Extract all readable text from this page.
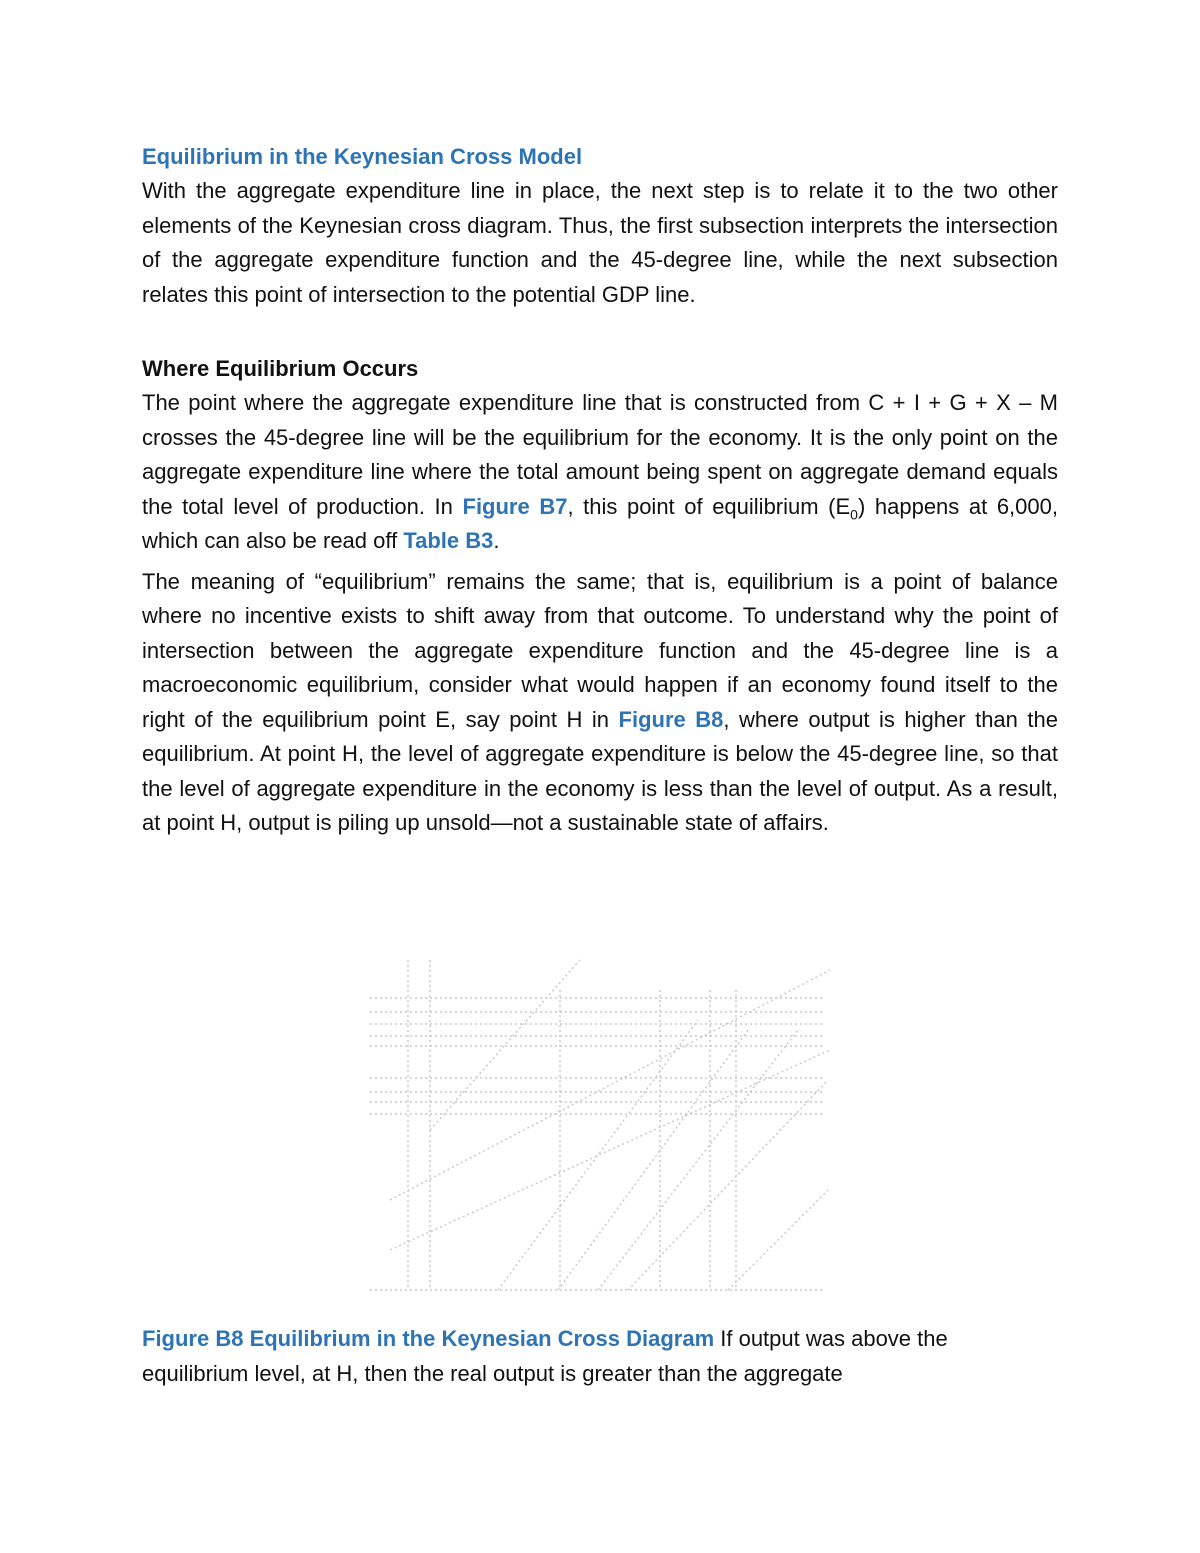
Equilibrium in the Keynesian Cross Model

With the aggregate expenditure line in place, the next step is to relate it to the two other elements of the Keynesian cross diagram. Thus, the first subsection interprets the intersection of the aggregate expenditure function and the 45-degree line, while the next subsection relates this point of intersection to the potential GDP line.

Where Equilibrium Occurs

The point where the aggregate expenditure line that is constructed from C + I + G + X – M crosses the 45-degree line will be the equilibrium for the economy. It is the only point on the aggregate expenditure line where the total amount being spent on aggregate demand equals the total level of production. In Figure B7, this point of equilibrium $(E_0)$ happens at 6,000, which can also be read off Table B3.

The meaning of “equilibrium” remains the same; that is, equilibrium is a point of balance where no incentive exists to shift away from that outcome. To understand why the point of intersection between the aggregate expenditure function and the 45-degree line is a macroeconomic equilibrium, consider what would happen if an economy found itself to the right of the equilibrium point E, say point H in Figure B8, where output is higher than the equilibrium. At point H, the level of aggregate expenditure is below the 45-degree line, so that the level of aggregate expenditure in the economy is less than the level of output. As a result, at point H, output is piling up unsold—not a sustainable state of affairs.

Figure B8 Equilibrium in the Keynesian Cross Diagram If output was above the equilibrium level, at H, then the real output is greater than the aggregate
